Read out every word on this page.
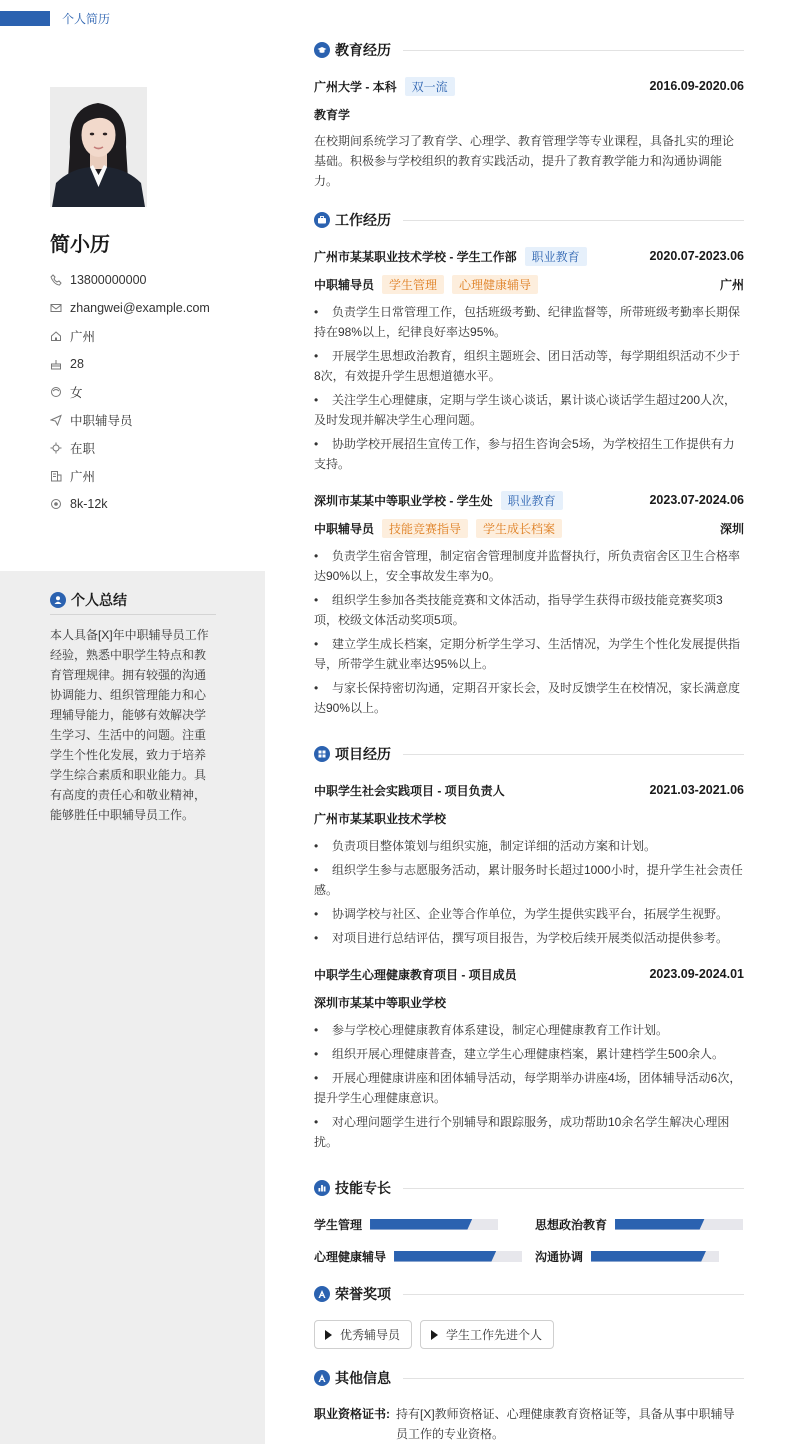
个人简历
简小历
13800000000
zhangwei@example.com
广州
28
女
中职辅导员
在职
广州
8k-12k
个人总结
本人具备[X]年中职辅导员工作经验，熟悉中职学生特点和教育管理规律。拥有较强的沟通协调能力、组织管理能力和心理辅导能力，能够有效解决学生学习、生活中的问题。注重学生个性化发展，致力于培养学生综合素质和职业能力。具有高度的责任心和敬业精神，能够胜任中职辅导员工作。
教育经历
广州大学 - 本科	双一流	2016.09-2020.06
教育学
在校期间系统学习了教育学、心理学、教育管理学等专业课程，具备扎实的理论基础。积极参与学校组织的教育实践活动，提升了教育教学能力和沟通协调能力。
工作经历
广州市某某职业技术学校 - 学生工作部	职业教育	2020.07-2023.06
中职辅导员	学生管理	心理健康辅导	广州
• 负责学生日常管理工作，包括班级考勤、纪律监督等，所带班级考勤率长期保持在98%以上，纪律良好率达95%。
• 开展学生思想政治教育，组织主题班会、团日活动等，每学期组织活动不少于8次，有效提升学生思想道德水平。
• 关注学生心理健康，定期与学生谈心谈话，累计谈心谈话学生超过200人次，及时发现并解决学生心理问题。
• 协助学校开展招生宣传工作，参与招生咨询会5场，为学校招生工作提供有力支持。
深圳市某某中等职业学校 - 学生处	职业教育	2023.07-2024.06
中职辅导员	技能竞赛指导	学生成长档案	深圳
• 负责学生宿舍管理，制定宿舍管理制度并监督执行，所负责宿舍区卫生合格率达90%以上，安全事故发生率为0。
• 组织学生参加各类技能竞赛和文体活动，指导学生获得市级技能竞赛奖项3项，校级文体活动奖项5项。
• 建立学生成长档案，定期分析学生学习、生活情况，为学生个性化发展提供指导，所带学生就业率达95%以上。
• 与家长保持密切沟通，定期召开家长会，及时反馈学生在校情况，家长满意度达90%以上。
项目经历
中职学生社会实践项目 - 项目负责人	2021.03-2021.06
广州市某某职业技术学校
• 负责项目整体策划与组织实施，制定详细的活动方案和计划。
• 组织学生参与志愿服务活动，累计服务时长超过1000小时，提升学生社会责任感。
• 协调学校与社区、企业等合作单位，为学生提供实践平台，拓展学生视野。
• 对项目进行总结评估，撰写项目报告，为学校后续开展类似活动提供参考。
中职学生心理健康教育项目 - 项目成员	2023.09-2024.01
深圳市某某中等职业学校
• 参与学校心理健康教育体系建设，制定心理健康教育工作计划。
• 组织开展心理健康普查，建立学生心理健康档案，累计建档学生500余人。
• 开展心理健康讲座和团体辅导活动，每学期举办讲座4场，团体辅导活动6次，提升学生心理健康意识。
• 对心理问题学生进行个别辅导和跟踪服务，成功帮助10余名学生解决心理困扰。
技能专长
学生管理	思想政治教育
心理健康辅导	沟通协调
荣誉奖项
优秀辅导员	学生工作先进个人
其他信息
职业资格证书: 持有[X]教师资格证、心理健康教育资格证等，具备从事中职辅导员工作的专业资格。
